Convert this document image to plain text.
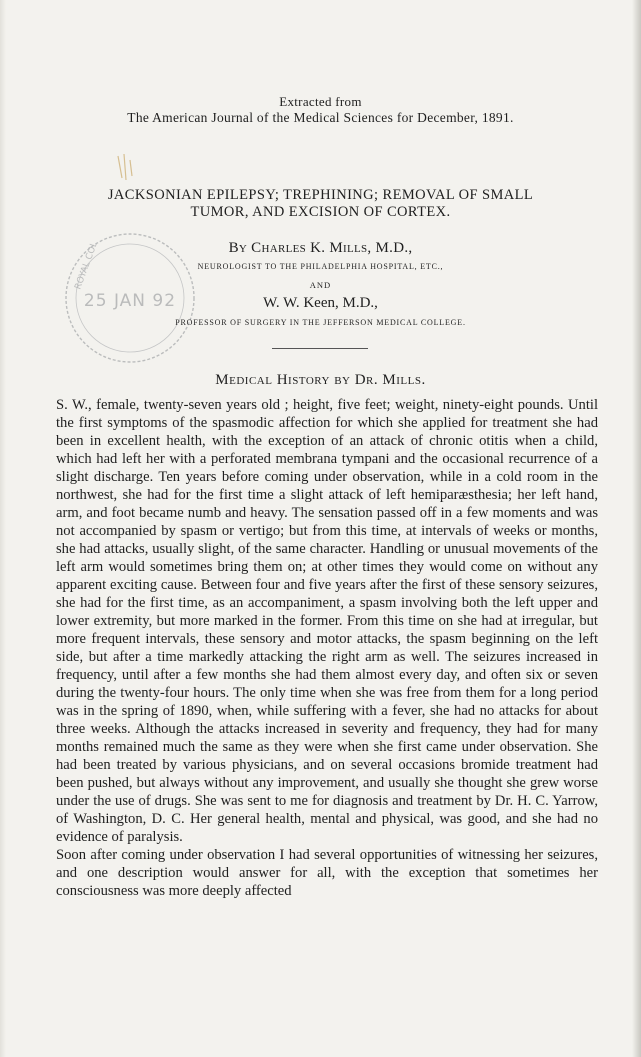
Extracted from
The American Journal of the Medical Sciences for December, 1891.
JACKSONIAN EPILEPSY; TREPHINING; REMOVAL OF SMALL
TUMOR, AND EXCISION OF CORTEX.
25 JAN 92
ROYAL COL	By Charles K. Mills, M.D.,
NEUROLOGIST TO THE PHILADELPHIA HOSPITAL, ETC.,
AND
W. W. Keen, M.D.,
PROFESSOR OF SURGERY IN THE JEFFERSON MEDICAL COLLEGE.
Medical History by Dr. Mills.

S. W., female, twenty-seven years old ; height, five feet; weight, ninety-eight pounds. Until the first symptoms of the spasmodic affection for which she applied for treatment she had been in excellent health, with the exception of an attack of chronic otitis when a child, which had left her with a perforated membrana tympani and the occasional recurrence of a slight discharge. Ten years before coming under observation, while in a cold room in the northwest, she had for the first time a slight attack of left hemiparæsthesia; her left hand, arm, and foot became numb and heavy. The sensation passed off in a few moments and was not accompanied by spasm or vertigo; but from this time, at intervals of weeks or months, she had attacks, usually slight, of the same character. Handling or unusual movements of the left arm would sometimes bring them on; at other times they would come on without any apparent exciting cause. Between four and five years after the first of these sensory seizures, she had for the first time, as an accompaniment, a spasm involving both the left upper and lower extremity, but more marked in the former. From this time on she had at irregular, but more frequent intervals, these sensory and motor attacks, the spasm beginning on the left side, but after a time markedly attacking the right arm as well. The seizures increased in frequency, until after a few months she had them almost every day, and often six or seven during the twenty-four hours. The only time when she was free from them for a long period was in the spring of 1890, when, while suffering with a fever, she had no attacks for about three weeks. Although the attacks increased in severity and frequency, they had for many months remained much the same as they were when she first came under observation. She had been treated by various physicians, and on several occasions bromide treatment had been pushed, but always without any improvement, and usually she thought she grew worse under the use of drugs. She was sent to me for diagnosis and treatment by Dr. H. C. Yarrow, of Washington, D. C. Her general health, mental and physical, was good, and she had no evidence of paralysis.

Soon after coming under observation I had several opportunities of witnessing her seizures, and one description would answer for all, with the exception that sometimes her consciousness was more deeply affected
